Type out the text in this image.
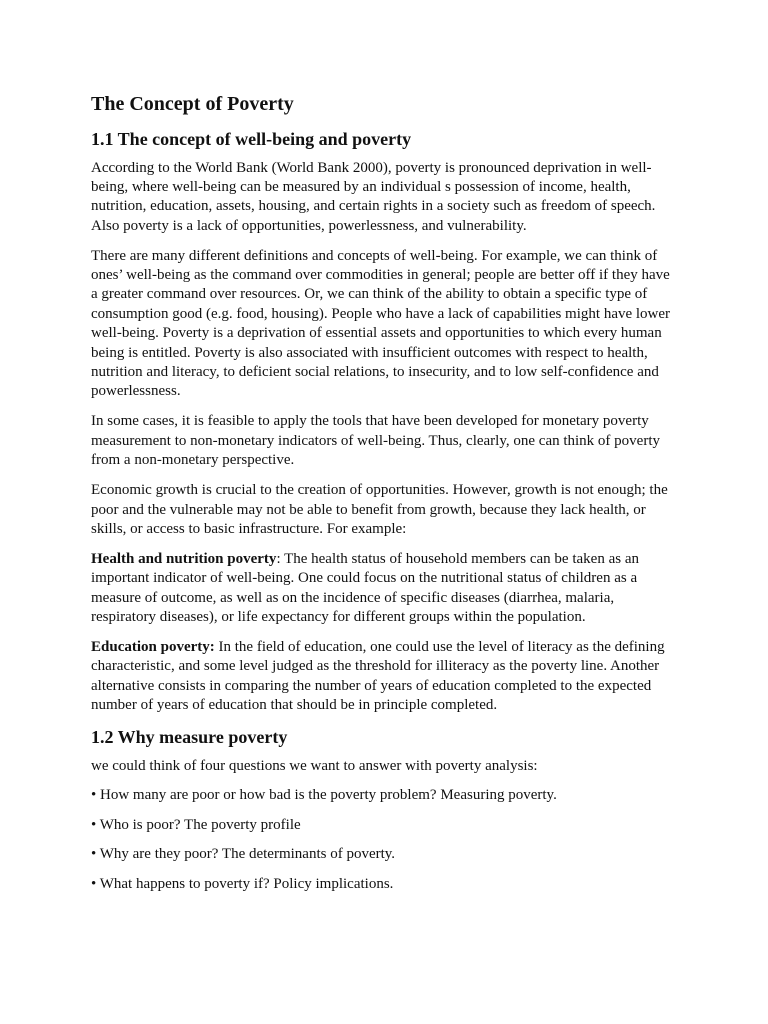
The Concept of Poverty
1.1 The concept of well-being and poverty

According to the World Bank (World Bank 2000), poverty is pronounced deprivation in well-being, where well-being can be measured by an individual s possession of income, health, nutrition, education, assets, housing, and certain rights in a society such as freedom of speech. Also poverty is a lack of opportunities, powerlessness, and vulnerability.

There are many different definitions and concepts of well-being. For example, we can think of ones’ well-being as the command over commodities in general; people are better off if they have a greater command over resources. Or, we can think of the ability to obtain a specific type of consumption good (e.g. food, housing). People who have a lack of capabilities might have lower well-being. Poverty is a deprivation of essential assets and opportunities to which every human being is entitled. Poverty is also associated with insufficient outcomes with respect to health, nutrition and literacy, to deficient social relations, to insecurity, and to low self-confidence and powerlessness.

In some cases, it is feasible to apply the tools that have been developed for monetary poverty measurement to non-monetary indicators of well-being. Thus, clearly, one can think of poverty from a non-monetary perspective.

Economic growth is crucial to the creation of opportunities. However, growth is not enough; the poor and the vulnerable may not be able to benefit from growth, because they lack health, or skills, or access to basic infrastructure. For example:

Health and nutrition poverty: The health status of household members can be taken as an important indicator of well-being. One could focus on the nutritional status of children as a measure of outcome, as well as on the incidence of specific diseases (diarrhea, malaria, respiratory diseases), or life expectancy for different groups within the population.

Education poverty: In the field of education, one could use the level of literacy as the defining characteristic, and some level judged as the threshold for illiteracy as the poverty line. Another alternative consists in comparing the number of years of education completed to the expected number of years of education that should be in principle completed.

1.2 Why measure poverty

we could think of four questions we want to answer with poverty analysis:

• How many are poor or how bad is the poverty problem? Measuring poverty.

• Who is poor? The poverty profile

• Why are they poor? The determinants of poverty.

• What happens to poverty if? Policy implications.
